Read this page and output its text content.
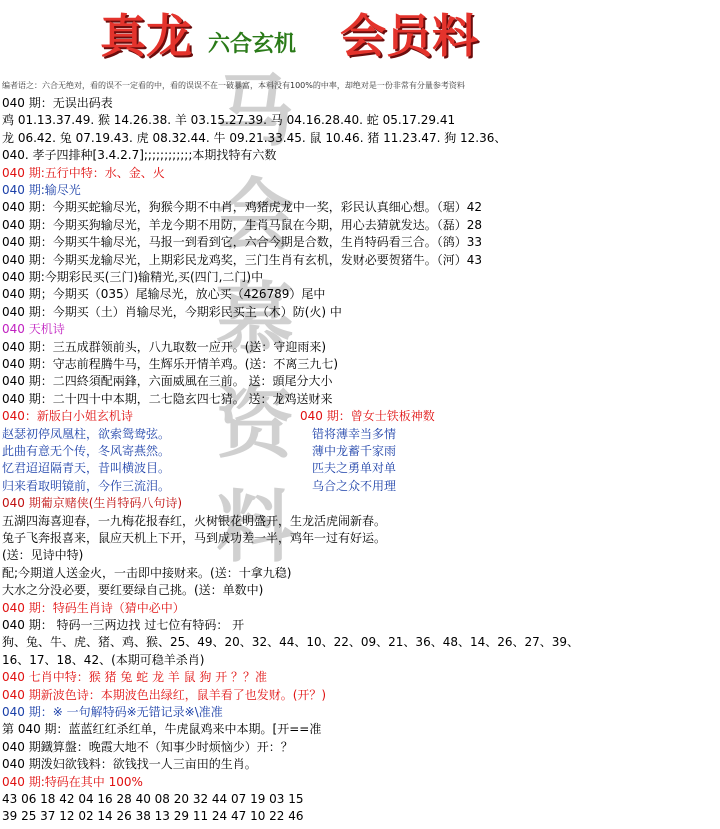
马
会
慕
资
料
真龙 六合玄机 会员料
编者语之：六合无绝对，看的误不一定看的中，看的误误不在一破暴富，本料没有100%的中率，却绝对是一份非常有分量参考资料
040 期：无误出码表
鸡 01.13.37.49. 猴 14.26.38. 羊 03.15.27.39. 马 04.16.28.40. 蛇 05.17.29.41
龙 06.42. 兔 07.19.43. 虎 08.32.44. 牛 09.21.33.45. 鼠 10.46. 猪 11.23.47. 狗 12.36、
040. 孝子四排种[3.4.2.7];;;;;;;;;;;;本期找特有六数
040 期:五行中特：水、金、火
040 期:输尽光
040 期：今期买蛇输尽光，狗猴今期不中肖，鸡猪虎龙中一奖，彩民认真细心想。（琚）42
040 期：今期买狗输尽光，羊龙今期不用防，生肖马鼠在今期，用心去猜就发达。（磊）28
040 期：今期买牛输尽光，马报一到看到它，六合今期是合数，生肖特码看三合。（鹆）33
040 期：今期买龙输尽光，上期彩民龙鸡奖，三门生肖有玄机，发财必要贺猪牛。（河）43
040 期:今期彩民买(三门)输精光,买(四门,二门)中
040 期；今期买（035）尾输尽光，放心买（426789）尾中
040 期：今期买（土）肖输尽光，今期彩民买主（木）防(火) 中
040 天机诗
040 期：三五成群领前头，八九取数一应开。(送：守迎雨来)
040 期：守志前程腾牛马，生辉乐开情羊鸡。(送：不离三九七)
040 期：二四終須配兩鋒，六面威風在三前。 送：頭尾分大小
040 期：二十四十中本期，二七隐玄四七猜。 送：龙鸡送财来
040：新版白小姐玄机诗
赵瑟初停凤凰柱，欲索鸳鸯弦。
此曲有意无个传，冬风寄燕然。
忆君迢迢隔青天，昔叫横波目。
归来看取明镜前，今作三流泪。
040 期葡京赌侠(生肖特码八句诗)
五湖四海喜迎春，一九梅花报春红，火树银花明盛开，生龙活虎闹新春。
兔子飞奔报喜来，鼠应天机上下开，马到成功差一半，鸡年一过有好运。
(送：见诗中特)
配;今期道人送金火，一击即中接财来。(送：十拿九稳)
大水之分没必要，要红要绿自己挑。(送：单数中)
040 期：特码生肖诗（猜中必中）
040 期： 特码一三两边找 过七位有特码： 开
狗、兔、牛、虎、猪、鸡、猴、25、49、20、32、44、10、22、09、21、36、48、14、26、27、39、
16、17、18、42、(本期可稳羊杀肖)
040 七肖中特：猴 猪 兔 蛇 龙 羊 鼠 狗 开 ？？准
040 期新波色诗：本期波色出绿红，鼠羊看了也发财。(开？)
040 期：※ 一句解特码※无错记录※\准准
第 040 期：蓝蓝红红杀红单，牛虎鼠鸡来中本期。[开==准
040 期鐡算盤：晚霞大地不（知事少时烦恼少）开：？
040 期泼妇欲钱料：欲钱找一人三亩田的生肖。
040 期:特码在其中 100%
43 06 18 42 04 16 28 40 08 20 32 44 07 19 03 15
39 25 37 12 02 14 26 38 13 29 11 24 47 10 22 46
040 期：曾女士铁板神数
错将薄幸当多情
薄中龙蓄千家雨
匹夫之勇单对单
乌合之众不用理
